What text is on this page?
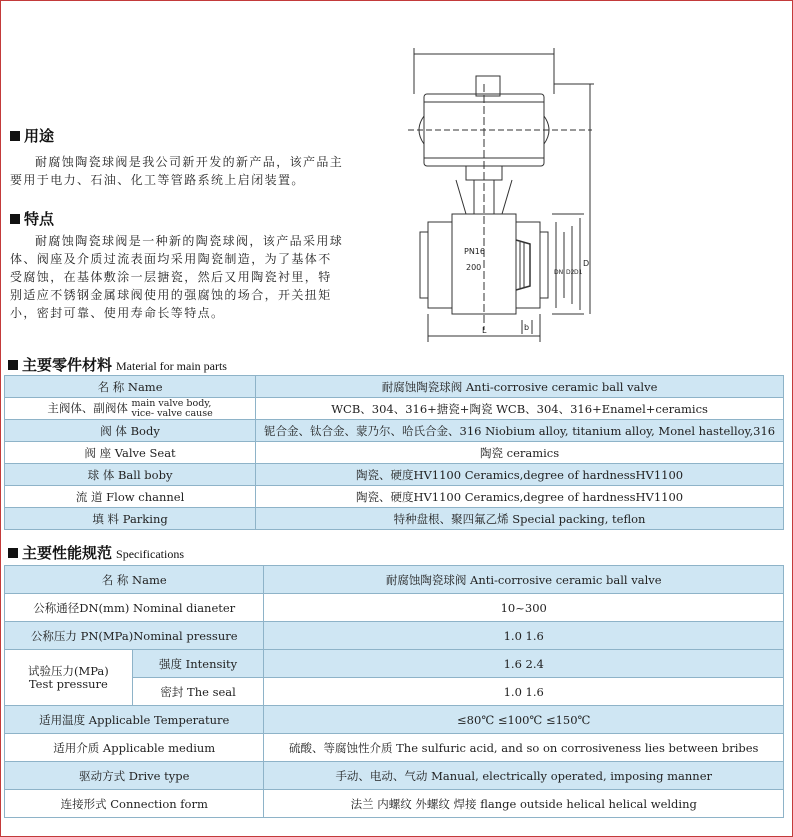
用途
耐腐蚀陶瓷球阀是我公司新开发的新产品，该产品主要用于电力、石油、化工等管路系统上启闭装置。
特点
耐腐蚀陶瓷球阀是一种新的陶瓷球阀，该产品采用球体、阀座及介质过流表面均采用陶瓷制造，为了基体不受腐蚀，在基体敷涂一层搪瓷，然后又用陶瓷衬里，特别适应不锈钢金属球阀使用的强腐蚀的场合，开关扭矩小，密封可靠、使用寿命长等特点。
PN16
200
L	b
D
D1
D2
DN
主要零件材料 Material for main parts
名 称 Name	耐腐蚀陶瓷球阀 Anti-corrosive ceramic ball valve
主阀体、副阀体 main valve body,
vice- valve cause	WCB、304、316+搪瓷+陶瓷 WCB、304、316+Enamel+ceramics
阀 体 Body	铌合金、钛合金、蒙乃尔、哈氏合金、316 Niobium alloy, titanium alloy, Monel hastelloy,316
阀 座 Valve Seat	陶瓷 ceramics
球 体 Ball boby	陶瓷、硬度HV1100 Ceramics,degree of hardnessHV1100
流 道 Flow channel	陶瓷、硬度HV1100 Ceramics,degree of hardnessHV1100
填 料 Parking	特种盘根、聚四氟乙烯 Special packing, teflon
主要性能规范 Specifications
名 称 Name		耐腐蚀陶瓷球阀 Anti-corrosive ceramic ball valve
公称通径DN(mm) Nominal dianeter		10~300
公称压力 PN(MPa)Nominal pressure		1.0 1.6
试验压力(MPa)
Test pressure	强度 Intensity	1.6 2.4
	密封 The seal	1.0 1.6
适用温度 Applicable Temperature		≤80℃ ≤100℃ ≤150℃
适用介质 Applicable medium		硫酸、等腐蚀性介质 The sulfuric acid, and so on corrosiveness lies between bribes
驱动方式 Drive type		手动、电动、气动 Manual, electrically operated, imposing manner
连接形式 Connection form		法兰 内螺纹 外螺纹 焊接 flange outside helical helical welding
